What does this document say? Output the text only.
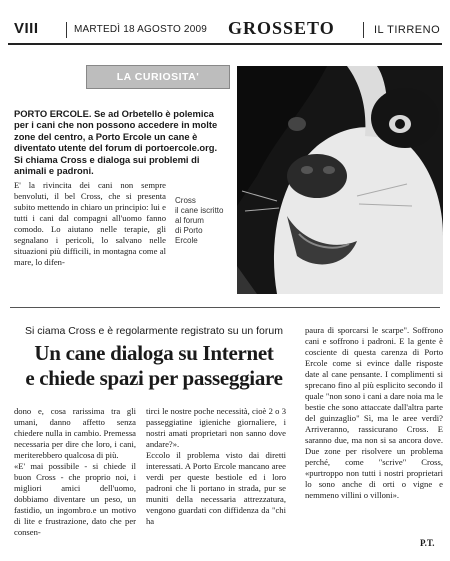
VIII	MARTEDÌ 18 AGOSTO 2009 GROSSETO	IL TIRRENO
LA CURIOSITA'
PORTO ERCOLE. Se ad Orbetello è polemica per i cani che non possono accedere in molte zone del centro, a Porto Ercole un cane è diventato utente del forum di portoercole.org. Si chiama Cross e dialoga sui problemi di animali e padroni.
E' la rivincita dei cani non sempre benvoluti, il bel Cross, che si presenta subito mettendo in chiaro un principio: lui e tutti i cani dal compagni all'uomo fanno comodo. Lo aiutano nelle terapie, gli segnalano i pericoli, lo salvano nelle situazioni più difficili, in montagna come al mare, lo difen-
Cross
il cane iscritto
al forum
di Porto
Ercole
Si ciama Cross e è regolarmente registrato su un forum
Un cane dialoga su Internet
e chiede spazi per passeggiare
dono e, cosa rarissima tra gli umani, danno affetto senza chiedere nulla in cambio. Premessa necessaria per dire che loro, i cani, meriterebbero qualcosa di più.
«E' mai possibile - si chiede il buon Cross - che proprio noi, i migliori amici dell'uomo, dobbiamo diventare un peso, un fastidio, un ingombro.e un motivo di lite e frustrazione, dato che per consen-
tirci le nostre poche necessità, cioè 2 o 3 passeggiatine igieniche giornaliere, i nostri amati proprietari non sanno dove andare?».
Eccolo il problema visto dai diretti interessati. A Porto Ercole mancano aree verdi per queste bestiole ed i loro padroni che li portano in strada, pur se muniti della necessaria attrezzatura, vengono guardati con diffidenza da "chi ha
paura di sporcarsi le scarpe". Soffrono cani e soffrono i padroni. E la gente è cosciente di questa carenza di Porto Ercole come si evince dalle risposte date al cane pensante. I complimenti si sprecano fino al più esplicito secondo il quale "non sono i cani a dare noia ma le bestie che sono attaccate dall'altra parte del guinzaglio" Sì, ma le aree verdi? Arriveranno, rassicurano Cross. E saranno due, ma non si sa ancora dove. Due zone per risolvere un problema perché, come "scrive" Cross, «purtroppo non tutti i nostri proprietari lo sono anche di orti o vigne e nemmeno villini o villoni».
P.T.
